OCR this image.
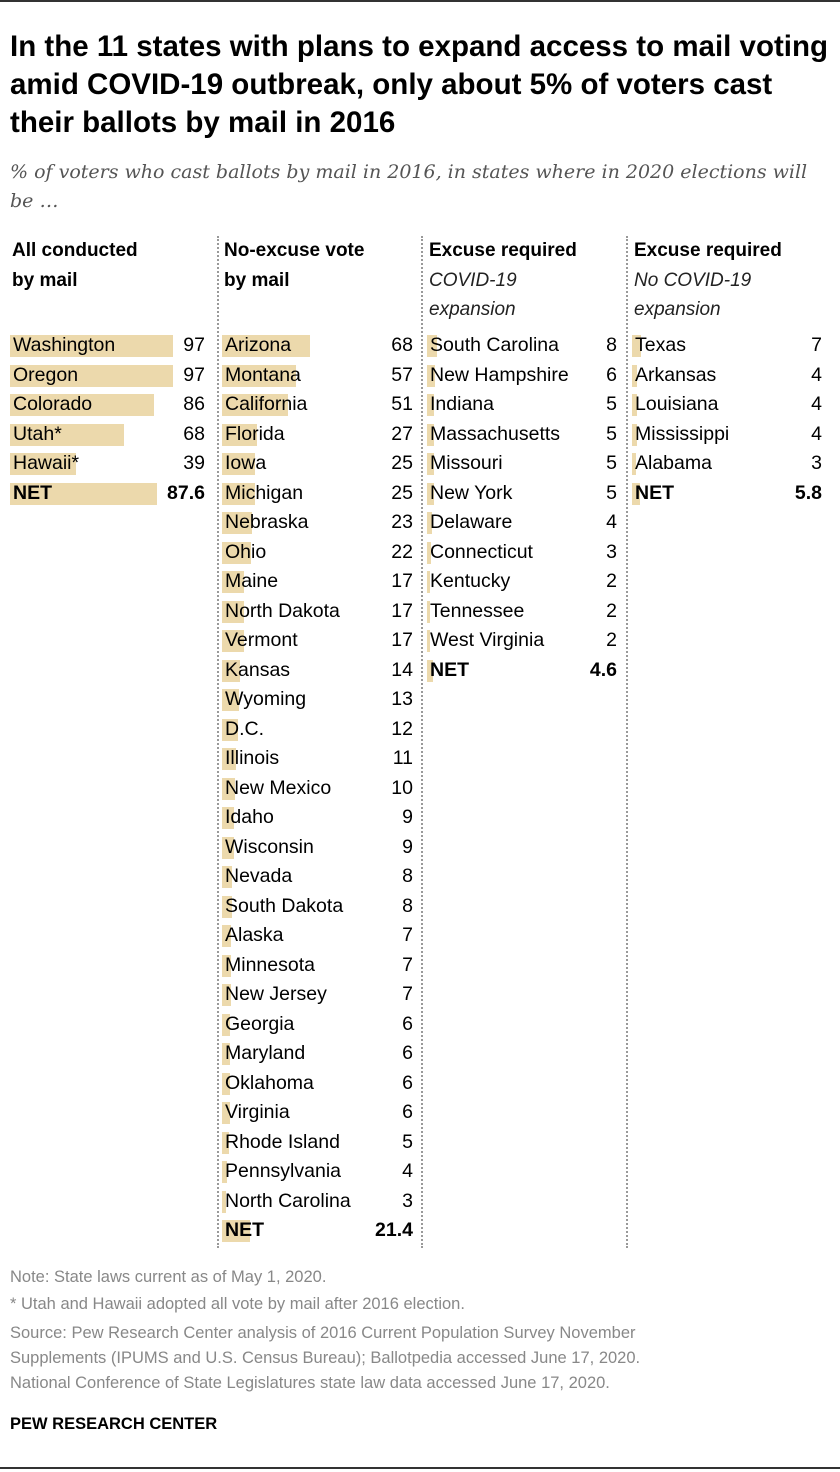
In the 11 states with plans to expand access to mail voting amid COVID-19 outbreak, only about 5% of voters cast their ballots by mail in 2016

% of voters who cast ballots by mail in 2016, in states where in 2020 elections will be …

All conducted
by mail
Washington	97
Oregon	97
Colorado	86
Utah*	68
Hawaii*	39
NET	87.6
No-excuse vote
by mail
Arizona	68
Montana	57
California	51
Florida	27
Iowa	25
Michigan	25
Nebraska	23
Ohio	22
Maine	17
North Dakota	17
Vermont	17
Kansas	14
Wyoming	13
D.C.	12
Illinois	11
New Mexico	10
Idaho	9
Wisconsin	9
Nevada	8
South Dakota	8
Alaska	7
Minnesota	7
New Jersey	7
Georgia	6
Maryland	6
Oklahoma	6
Virginia	6
Rhode Island	5
Pennsylvania	4
North Carolina	3
NET	21.4
Excuse required
COVID-19
expansion
South Carolina 8
New Hampshire 6
Indiana	5
Massachusetts 5
Missouri	5
New York	5
Delaware	4
Connecticut	3
Kentucky	2
Tennessee	2
West Virginia	2
NET	4.6
Excuse required
No COVID-19
expansion
Texas	7
Arkansas	4
Louisiana	4
Mississippi	4
Alabama	3
NET	5.8

Note: State laws current as of May 1, 2020.

* Utah and Hawaii adopted all vote by mail after 2016 election.

Source: Pew Research Center analysis of 2016 Current Population Survey November

Supplements (IPUMS and U.S. Census Bureau); Ballotpedia accessed June 17, 2020.

National Conference of State Legislatures state law data accessed June 17, 2020.

PEW RESEARCH CENTER
